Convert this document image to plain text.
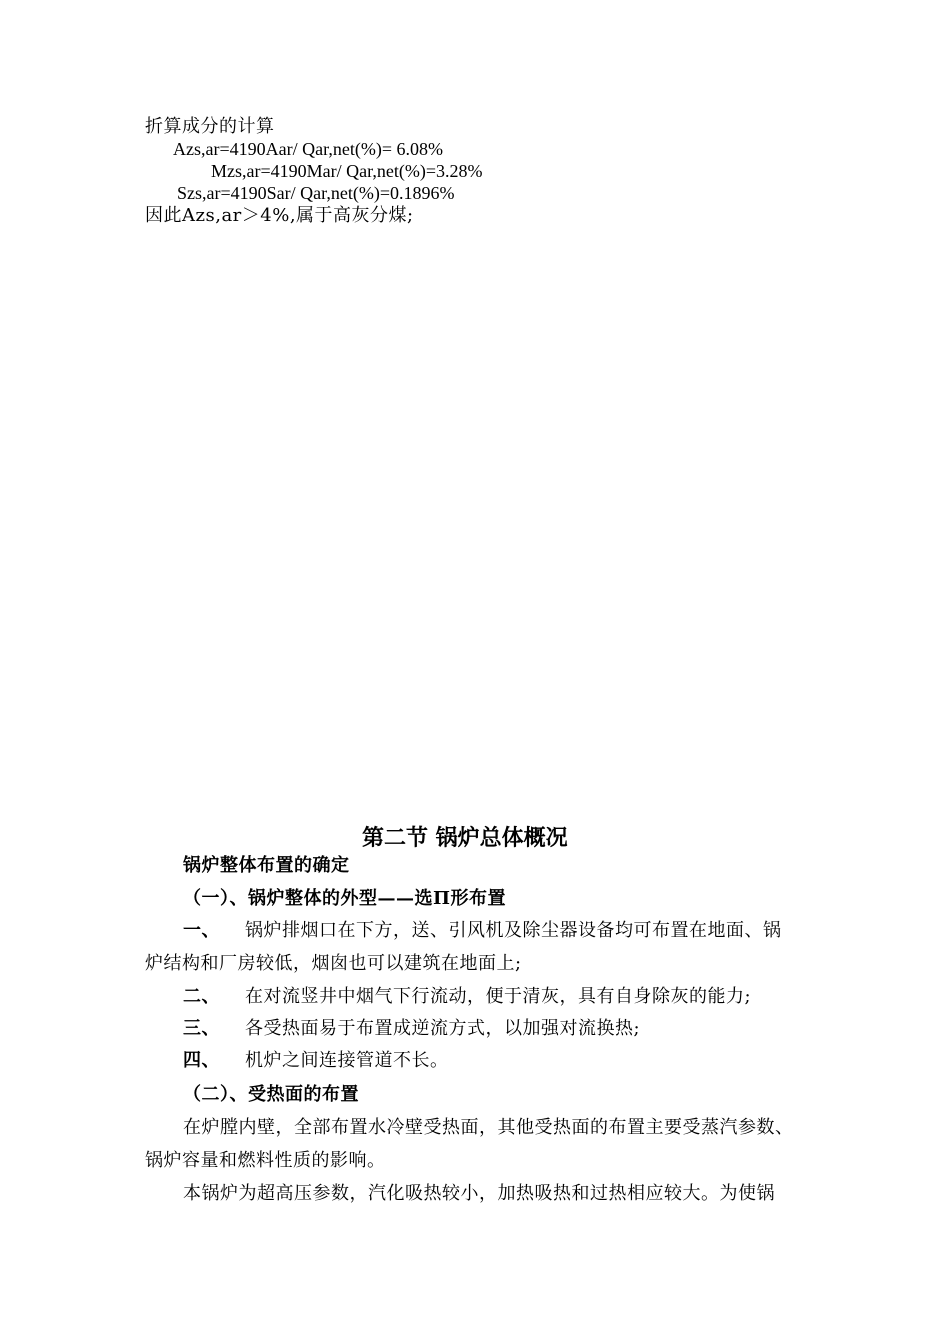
折算成分的计算
Azs,ar=4190Aar/ Qar,net(%)= 6.08%
Mzs,ar=4190Mar/ Qar,net(%)=3.28%
Szs,ar=4190Sar/ Qar,net(%)=0.1896%
因此Azs,ar＞4%,属于高灰分煤;
第二节 锅炉总体概况
锅炉整体布置的确定
（一）、锅炉整体的外型——选Π形布置
一、 锅炉排烟口在下方，送、引风机及除尘器设备均可布置在地面、锅
炉结构和厂房较低，烟囱也可以建筑在地面上;
二、 在对流竖井中烟气下行流动，便于清灰，具有自身除灰的能力;
三、 各受热面易于布置成逆流方式，以加强对流换热;
四、 机炉之间连接管道不长。
（二）、受热面的布置
在炉膛内壁，全部布置水冷壁受热面，其他受热面的布置主要受蒸汽参数、
锅炉容量和燃料性质的影响。
本锅炉为超高压参数，汽化吸热较小，加热吸热和过热相应较大。为使锅
